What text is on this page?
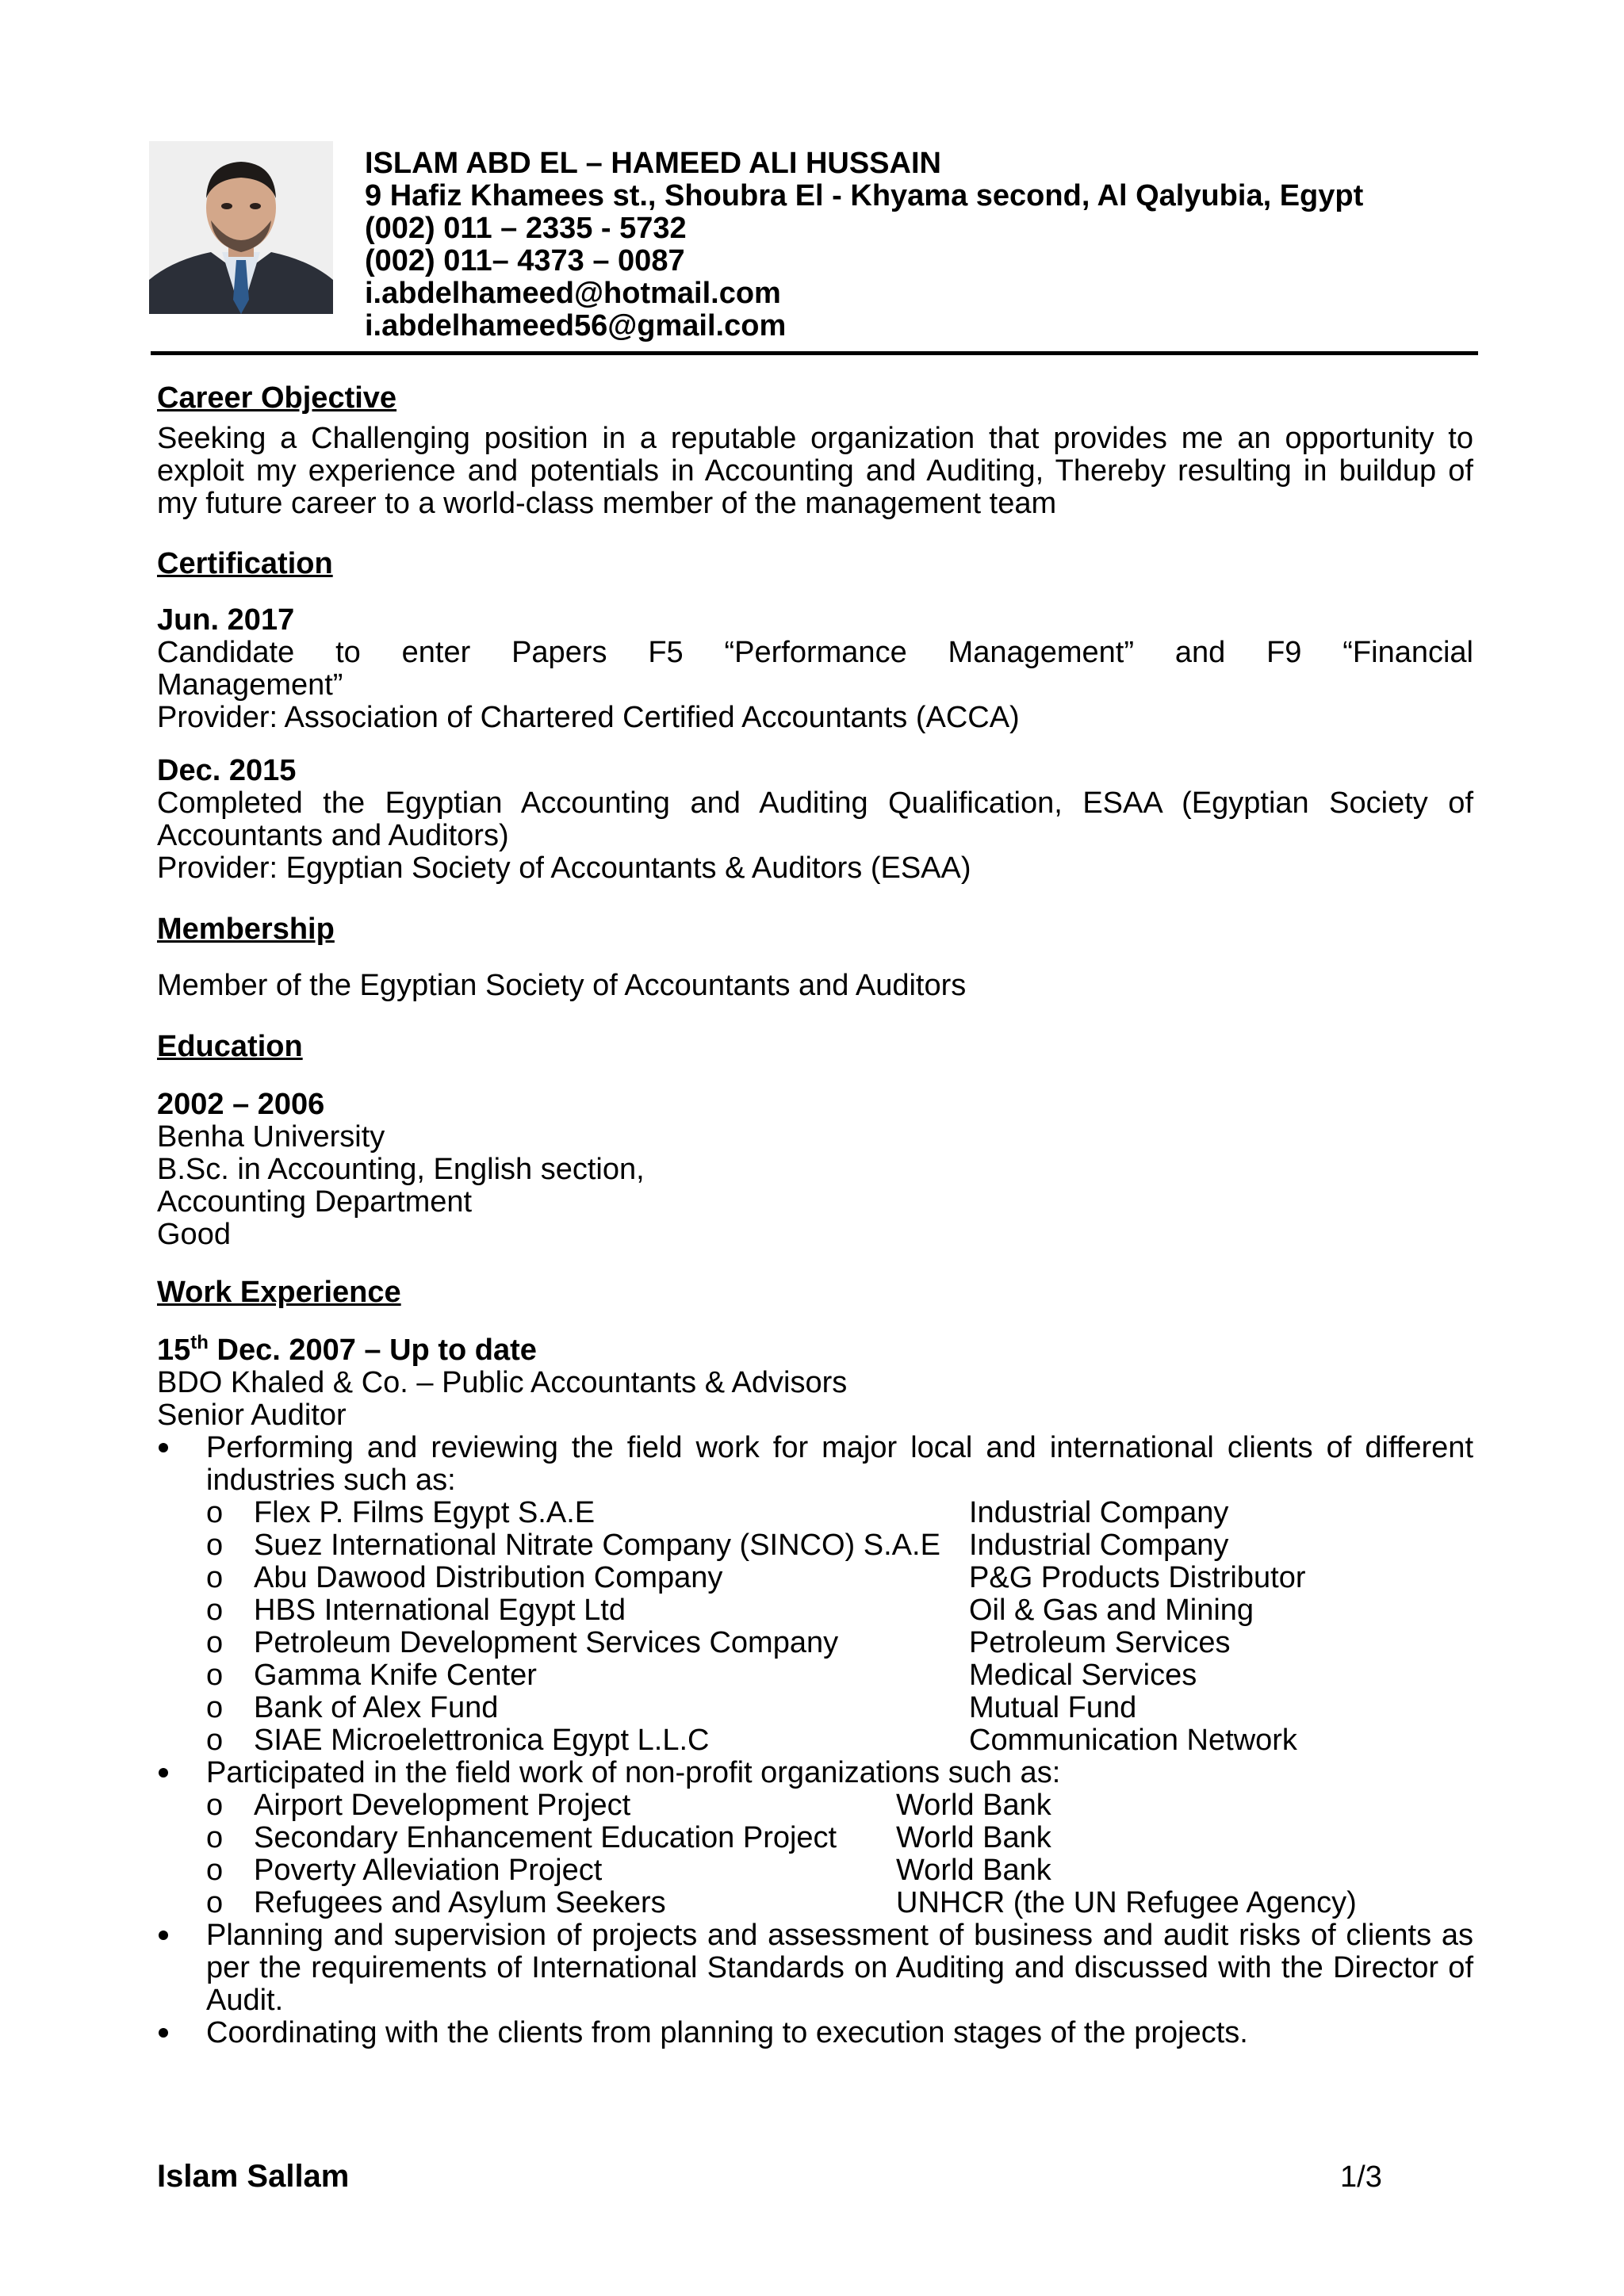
ISLAM ABD EL – HAMEED ALI HUSSAIN
9 Hafiz Khamees st., Shoubra El - Khyama second, Al Qalyubia, Egypt
(002) 011 – 2335 - 5732
(002) 011– 4373 – 0087
i.abdelhameed@hotmail.com
i.abdelhameed56@gmail.com

Career Objective

Seeking a Challenging position in a reputable organization that provides me an opportunity to exploit my experience and potentials in Accounting and Auditing, Thereby resulting in buildup of my future career to a world-class member of the management team

Certification

Jun. 2017

Candidate to enter Papers F5 “Performance Management” and F9 “Financial

Management”

Provider: Association of Chartered Certified Accountants (ACCA)

Dec. 2015

Completed the Egyptian Accounting and Auditing Qualification, ESAA (Egyptian Society of

Accountants and Auditors)

Provider: Egyptian Society of Accountants & Auditors (ESAA)

Membership

Member of the Egyptian Society of Accountants and Auditors

Education

2002 – 2006

Benha University

B.Sc. in Accounting, English section,

Accounting Department

Good

Work Experience

15th Dec. 2007 – Up to date

BDO Khaled & Co. – Public Accountants & Advisors

Senior Auditor

Performing and reviewing the field work for major local and international clients of different industries such as:

o Flex P. Films Egypt S.A.E	Industrial Company
o Suez International Nitrate Company (SINCO) S.A.E Industrial Company
o Abu Dawood Distribution Company	P&G Products Distributor
o HBS International Egypt Ltd	Oil & Gas and Mining
o Petroleum Development Services Company	Petroleum Services
o Gamma Knife Center	Medical Services
o Bank of Alex Fund	Mutual Fund
o SIAE Microelettronica Egypt L.L.C	Communication Network

Participated in the field work of non-profit organizations such as:

o Airport Development Project	World Bank
o Secondary Enhancement Education Project	World Bank
o Poverty Alleviation Project	World Bank
o Refugees and Asylum Seekers	UNHCR (the UN Refugee Agency)

Planning and supervision of projects and assessment of business and audit risks of clients as per the requirements of International Standards on Auditing and discussed with the Director of Audit.

Coordinating with the clients from planning to execution stages of the projects.

Islam Sallam	1/3
